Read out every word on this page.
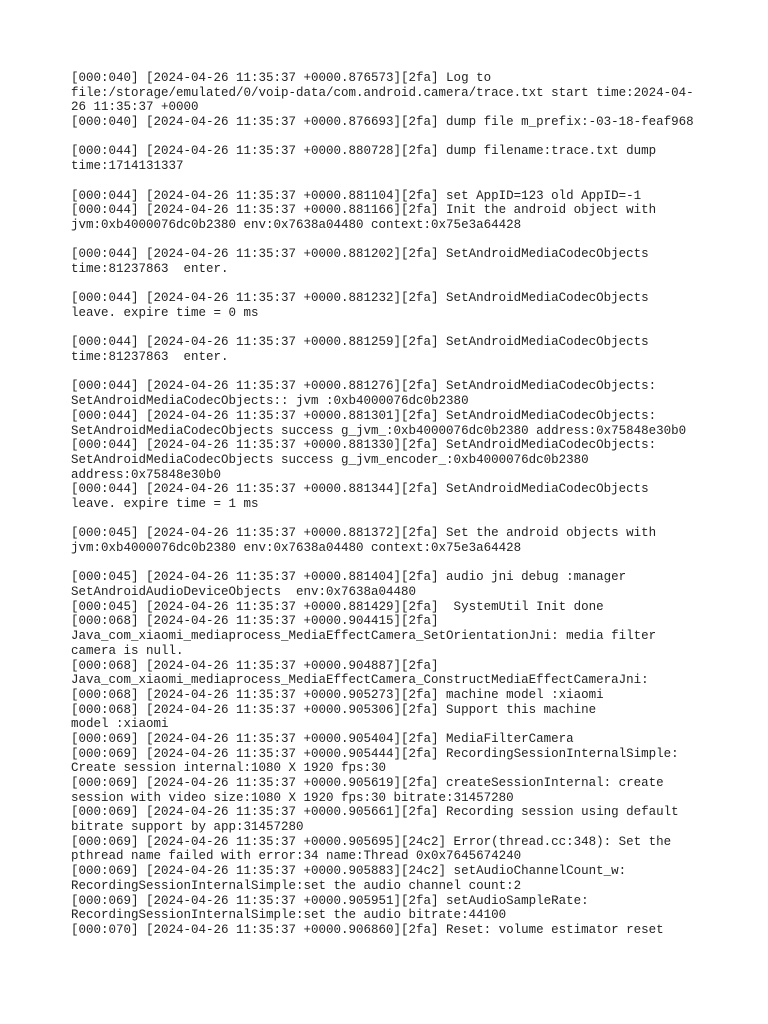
[000:040] [2024-04-26 11:35:37 +0000.876573][2fa] Log to
file:/storage/emulated/0/voip-data/com.android.camera/trace.txt start time:2024-04-
26 11:35:37 +0000
[000:040] [2024-04-26 11:35:37 +0000.876693][2fa] dump file m_prefix:-03-18-feaf968
[000:044] [2024-04-26 11:35:37 +0000.880728][2fa] dump filename:trace.txt dump
time:1714131337
[000:044] [2024-04-26 11:35:37 +0000.881104][2fa] set AppID=123 old AppID=-1
[000:044] [2024-04-26 11:35:37 +0000.881166][2fa] Init the android object with
jvm:0xb4000076dc0b2380 env:0x7638a04480 context:0x75e3a64428
[000:044] [2024-04-26 11:35:37 +0000.881202][2fa] SetAndroidMediaCodecObjects
time:81237863  enter.
[000:044] [2024-04-26 11:35:37 +0000.881232][2fa] SetAndroidMediaCodecObjects
leave. expire time = 0 ms
[000:044] [2024-04-26 11:35:37 +0000.881259][2fa] SetAndroidMediaCodecObjects
time:81237863  enter.
[000:044] [2024-04-26 11:35:37 +0000.881276][2fa] SetAndroidMediaCodecObjects:
SetAndroidMediaCodecObjects:: jvm :0xb4000076dc0b2380
[000:044] [2024-04-26 11:35:37 +0000.881301][2fa] SetAndroidMediaCodecObjects:
SetAndroidMediaCodecObjects success g_jvm_:0xb4000076dc0b2380 address:0x75848e30b0
[000:044] [2024-04-26 11:35:37 +0000.881330][2fa] SetAndroidMediaCodecObjects:
SetAndroidMediaCodecObjects success g_jvm_encoder_:0xb4000076dc0b2380
address:0x75848e30b0
[000:044] [2024-04-26 11:35:37 +0000.881344][2fa] SetAndroidMediaCodecObjects
leave. expire time = 1 ms
[000:045] [2024-04-26 11:35:37 +0000.881372][2fa] Set the android objects with
jvm:0xb4000076dc0b2380 env:0x7638a04480 context:0x75e3a64428
[000:045] [2024-04-26 11:35:37 +0000.881404][2fa] audio jni debug :manager
SetAndroidAudioDeviceObjects  env:0x7638a04480
[000:045] [2024-04-26 11:35:37 +0000.881429][2fa]  SystemUtil Init done
[000:068] [2024-04-26 11:35:37 +0000.904415][2fa]
Java_com_xiaomi_mediaprocess_MediaEffectCamera_SetOrientationJni: media filter
camera is null.
[000:068] [2024-04-26 11:35:37 +0000.904887][2fa]
Java_com_xiaomi_mediaprocess_MediaEffectCamera_ConstructMediaEffectCameraJni:
[000:068] [2024-04-26 11:35:37 +0000.905273][2fa] machine model :xiaomi
[000:068] [2024-04-26 11:35:37 +0000.905306][2fa] Support this machine
model :xiaomi
[000:069] [2024-04-26 11:35:37 +0000.905404][2fa] MediaFilterCamera
[000:069] [2024-04-26 11:35:37 +0000.905444][2fa] RecordingSessionInternalSimple:
Create session internal:1080 X 1920 fps:30
[000:069] [2024-04-26 11:35:37 +0000.905619][2fa] createSessionInternal: create
session with video size:1080 X 1920 fps:30 bitrate:31457280
[000:069] [2024-04-26 11:35:37 +0000.905661][2fa] Recording session using default
bitrate support by app:31457280
[000:069] [2024-04-26 11:35:37 +0000.905695][24c2] Error(thread.cc:348): Set the
pthread name failed with error:34 name:Thread 0x0x7645674240
[000:069] [2024-04-26 11:35:37 +0000.905883][24c2] setAudioChannelCount_w:
RecordingSessionInternalSimple:set the audio channel count:2
[000:069] [2024-04-26 11:35:37 +0000.905951][2fa] setAudioSampleRate:
RecordingSessionInternalSimple:set the audio bitrate:44100
[000:070] [2024-04-26 11:35:37 +0000.906860][2fa] Reset: volume estimator reset
